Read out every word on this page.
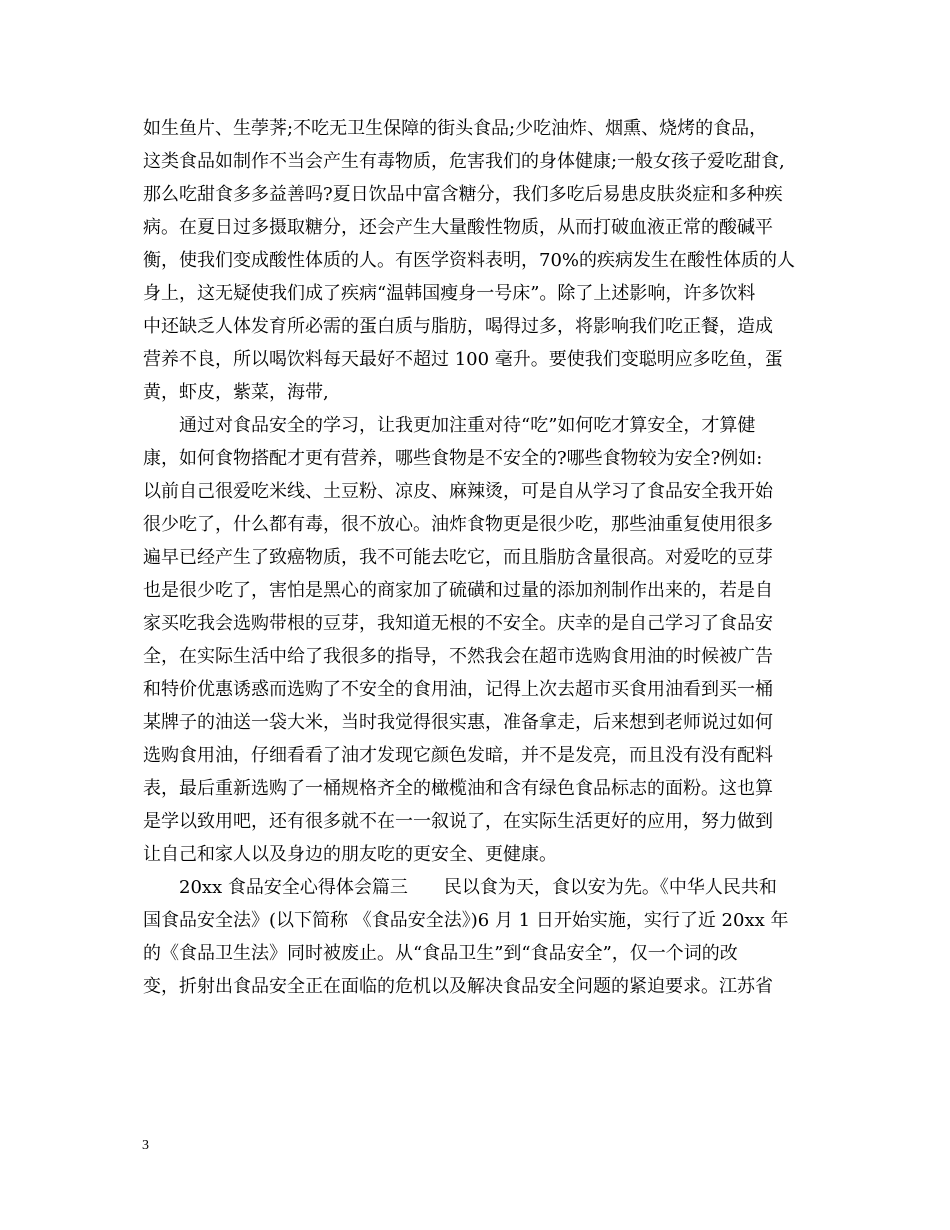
如生鱼片、生荸荠;不吃无卫生保障的街头食品;少吃油炸、烟熏、烧烤的食品，
这类食品如制作不当会产生有毒物质，危害我们的身体健康;一般女孩子爱吃甜食,
那么吃甜食多多益善吗?夏日饮品中富含糖分，我们多吃后易患皮肤炎症和多种疾
病。在夏日过多摄取糖分，还会产生大量酸性物质，从而打破血液正常的酸碱平
衡，使我们变成酸性体质的人。有医学资料表明，70%的疾病发生在酸性体质的人
身上，这无疑使我们成了疾病“温韩国瘦身一号床”。除了上述影响，许多饮料
中还缺乏人体发育所必需的蛋白质与脂肪，喝得过多，将影响我们吃正餐，造成
营养不良，所以喝饮料每天最好不超过 100 毫升。要使我们变聪明应多吃鱼，蛋
黄，虾皮，紫菜，海带,
通过对食品安全的学习，让我更加注重对待“吃”如何吃才算安全，才算健
康，如何食物搭配才更有营养，哪些食物是不安全的?哪些食物较为安全?例如:
以前自己很爱吃米线、土豆粉、凉皮、麻辣烫，可是自从学习了食品安全我开始
很少吃了，什么都有毒，很不放心。油炸食物更是很少吃，那些油重复使用很多
遍早已经产生了致癌物质，我不可能去吃它，而且脂肪含量很高。对爱吃的豆芽
也是很少吃了，害怕是黑心的商家加了硫磺和过量的添加剂制作出来的，若是自
家买吃我会选购带根的豆芽，我知道无根的不安全。庆幸的是自己学习了食品安
全，在实际生活中给了我很多的指导，不然我会在超市选购食用油的时候被广告
和特价优惠诱惑而选购了不安全的食用油，记得上次去超市买食用油看到买一桶
某牌子的油送一袋大米，当时我觉得很实惠，准备拿走，后来想到老师说过如何
选购食用油，仔细看看了油才发现它颜色发暗，并不是发亮，而且没有没有配料
表，最后重新选购了一桶规格齐全的橄榄油和含有绿色食品标志的面粉。这也算
是学以致用吧，还有很多就不在一一叙说了，在实际生活更好的应用，努力做到
让自己和家人以及身边的朋友吃的更安全、更健康。
20xx 食品安全心得体会篇三　　民以食为天，食以安为先。《中华人民共和
国食品安全法》(以下简称 《食品安全法》)6 月 1 日开始实施，实行了近 20xx 年
的《食品卫生法》同时被废止。从“食品卫生”到“食品安全”，仅一个词的改
变，折射出食品安全正在面临的危机以及解决食品安全问题的紧迫要求。江苏省
3
